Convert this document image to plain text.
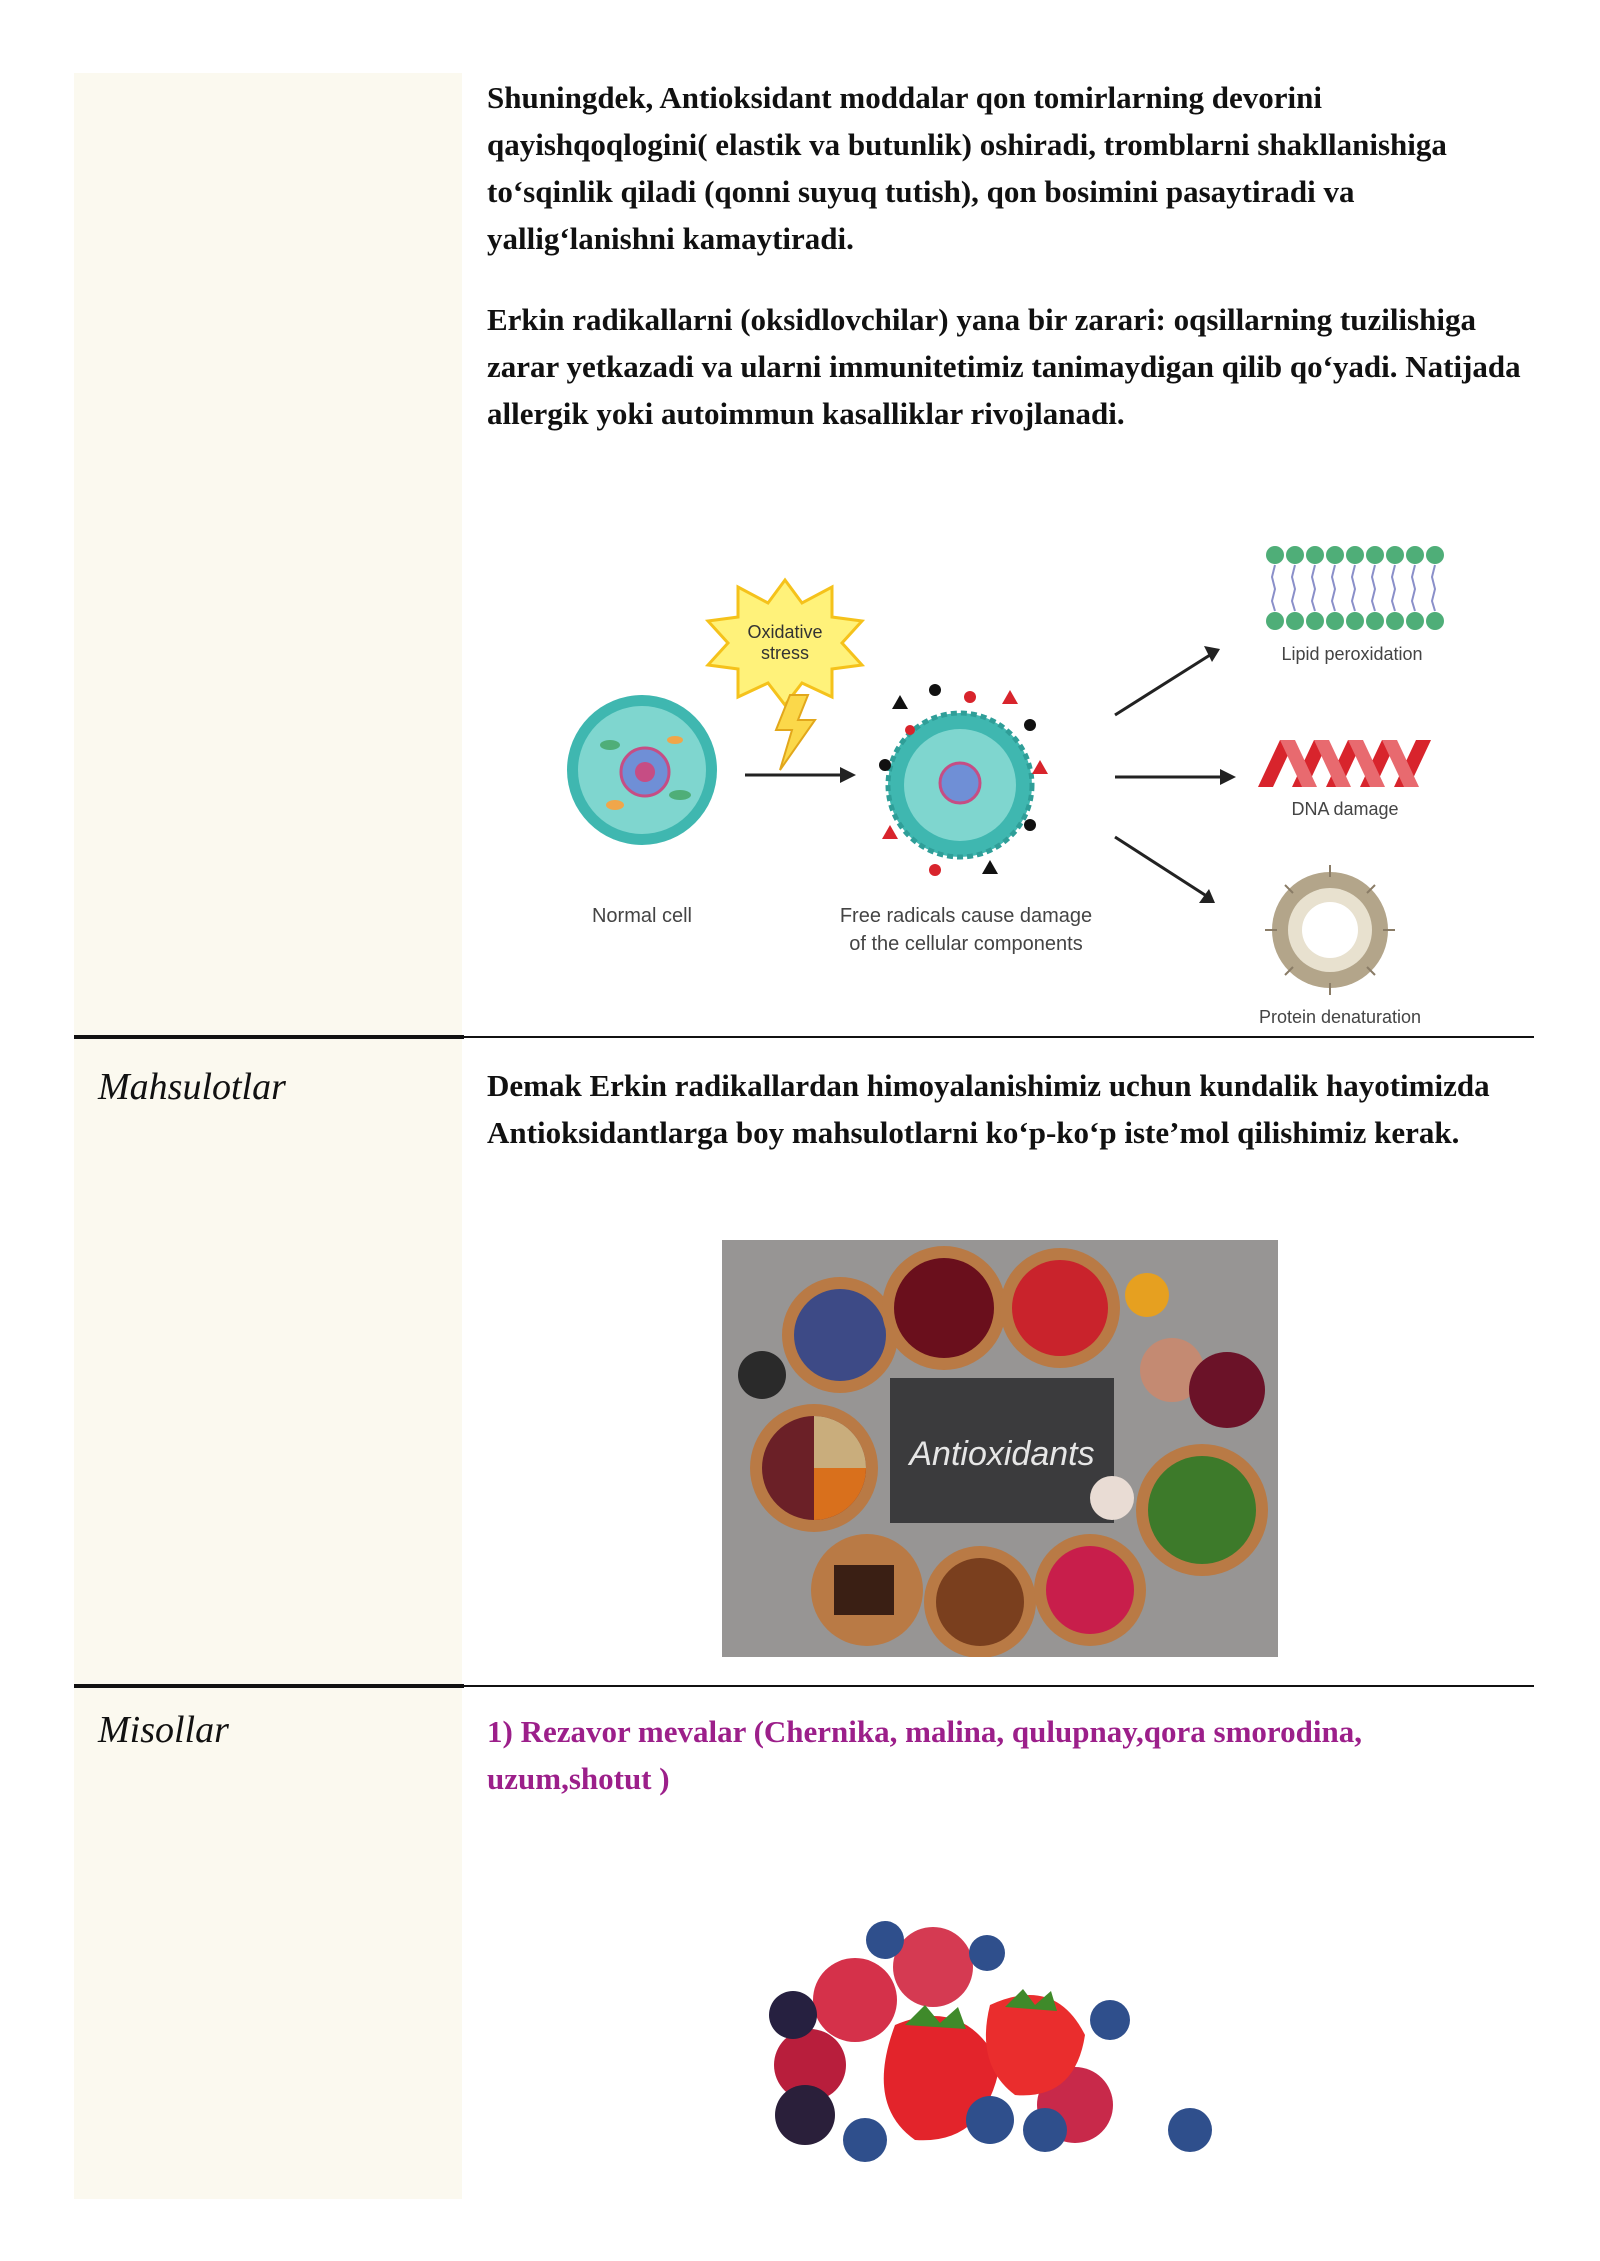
Shuningdek, Antioksidant moddalar qon tomirlarning devorini qayishqoqlogini( elastik va butunlik) oshiradi, tromblarni shakllanishiga to‘sqinlik qiladi (qonni suyuq tutish), qon bosimini pasaytiradi va yallig‘lanishni kamaytiradi.

Erkin radikallarni (oksidlovchilar) yana bir zarari: oqsillarning tuzilishiga zarar yetkazadi va ularni immunitetimiz tanimaydigan qilib qo‘yadi. Natijada allergik yoki autoimmun kasalliklar rivojlanadi.

Oxidative
stress
Normal cell	Free radicals cause damage
of the cellular components
Lipid peroxidation
DNA damage
Protein denaturation
Mahsulotlar	Demak Erkin radikallardan himoyalanishimiz uchun kundalik hayotimizda Antioksidantlarga boy mahsulotlarni ko‘p-ko‘p iste’mol qilishimiz kerak.

Antioxidants
Misollar	1) Rezavor mevalar (Chernika, malina, qulupnay,qora smorodina, uzum,shotut )
